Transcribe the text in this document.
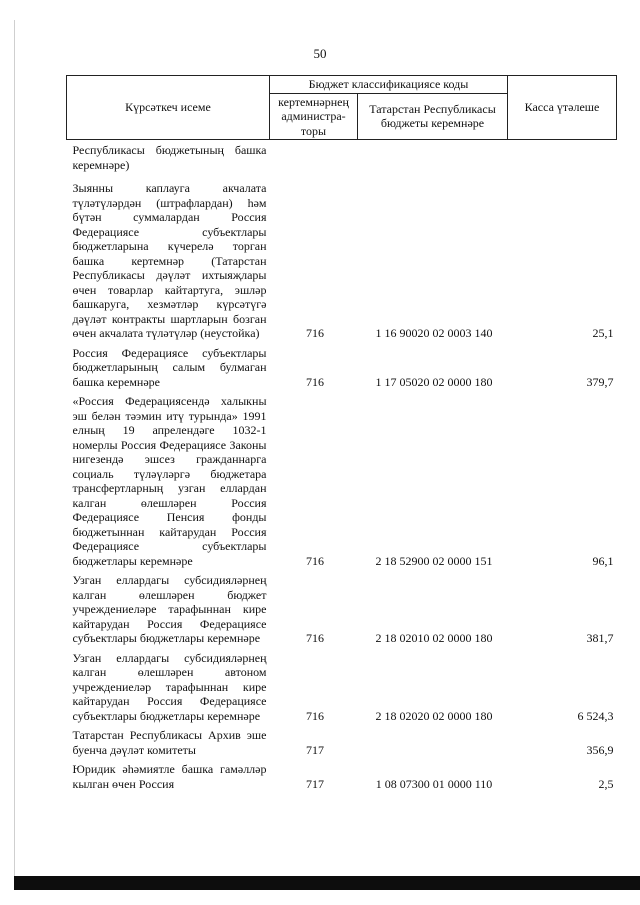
50
Күрсәткеч исеме	Бюджет классификациясе коды		Касса үтәлеше
	кертемнәрнең администра-торы	Татарстан Республикасы бюджеты керемнәре	
Республикасы бюджетының башка керемнәре)			
Зыянны каплауга акчалата түләтүләрдән (штрафлардан) һәм бүтән суммалардан Россия Федерациясе субъектлары бюджетларына күчерелә торган башка кертемнәр (Татарстан Республикасы дәүләт ихтыяҗлары өчен товарлар кайтартуга, эшләр башкаруга, хезмәтләр күрсәтүгә дәүләт контракты шартларын бозган өчен акчалата түләтүләр (неустойка)	716	1 16 90020 02 0003 140	25,1
Россия Федерациясе субъектлары бюджетларының салым булмаган башка керемнәре	716	1 17 05020 02 0000 180	379,7
«Россия Федерациясендә халыкны эш белән тәэмин итү турында» 1991 елның 19 апрелендәге 1032-1 номерлы Россия Федерациясе Законы нигезендә эшсез гражданнарга социаль түләүләргә бюджетара трансфертларның узган еллардан калган өлешләрен Россия Федерациясе Пенсия фонды бюджетыннан кайтарудан Россия Федерациясе субъектлары бюджетлары керемнәре	716	2 18 52900 02 0000 151	96,1
Узган еллардагы субсидияләрнең калган өлешләрен бюджет учреждениеләре тарафыннан кире кайтарудан Россия Федерациясе субъектлары бюджетлары керемнәре	716	2 18 02010 02 0000 180	381,7
Узган еллардагы субсидияләрнең калган өлешләрен автоном учреждениеләр тарафыннан кире кайтарудан Россия Федерациясе субъектлары бюджетлары керемнәре	716	2 18 02020 02 0000 180	6 524,3
Татарстан Республикасы Архив эше буенча дәүләт комитеты	717		356,9
Юридик әһәмиятле башка гамәлләр кылган өчен Россия	717	1 08 07300 01 0000 110	2,5
